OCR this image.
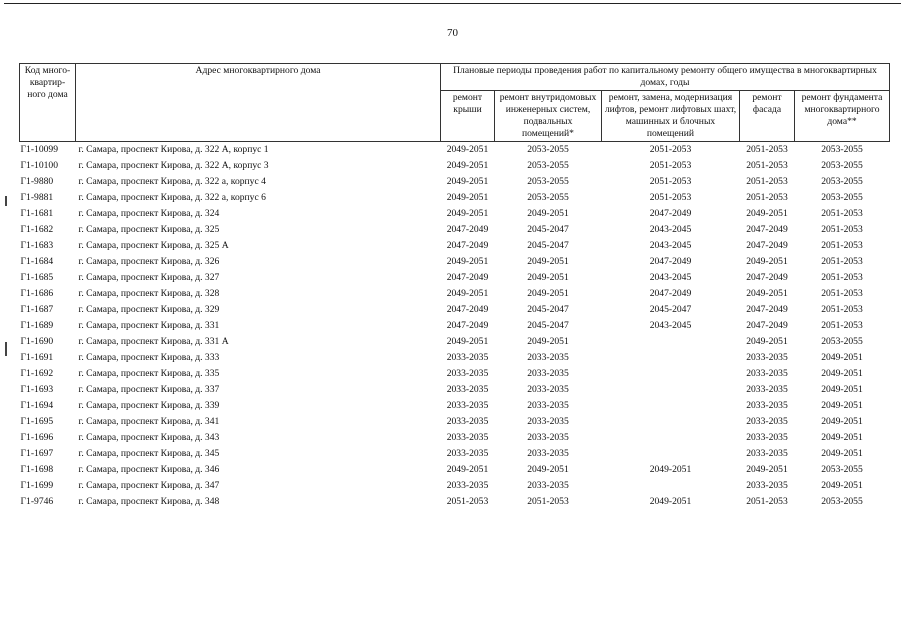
70
Код много-квартир-ного дома	Адрес многоквартирного дома	Плановые периоды проведения работ по капитальному ремонту общего имущества в многоквартирных домах, годы				
		ремонт крыши	ремонт внутридомовых инженерных систем, подвальных помещений*	ремонт, замена, модернизация лифтов, ремонт лифтовых шахт, машинных и блочных помещений	ремонт фасада	ремонт фундамента многоквартирного дома**
Г1-10099	г. Самара, проспект Кирова, д. 322 А, корпус 1	2049-2051	2053-2055	2051-2053	2051-2053	2053-2055
Г1-10100	г. Самара, проспект Кирова, д. 322 А, корпус 3	2049-2051	2053-2055	2051-2053	2051-2053	2053-2055
Г1-9880	г. Самара, проспект Кирова, д. 322 а, корпус 4	2049-2051	2053-2055	2051-2053	2051-2053	2053-2055
Г1-9881	г. Самара, проспект Кирова, д. 322 а, корпус 6	2049-2051	2053-2055	2051-2053	2051-2053	2053-2055
Г1-1681	г. Самара, проспект Кирова, д. 324	2049-2051	2049-2051	2047-2049	2049-2051	2051-2053
Г1-1682	г. Самара, проспект Кирова, д. 325	2047-2049	2045-2047	2043-2045	2047-2049	2051-2053
Г1-1683	г. Самара, проспект Кирова, д. 325 А	2047-2049	2045-2047	2043-2045	2047-2049	2051-2053
Г1-1684	г. Самара, проспект Кирова, д. 326	2049-2051	2049-2051	2047-2049	2049-2051	2051-2053
Г1-1685	г. Самара, проспект Кирова, д. 327	2047-2049	2049-2051	2043-2045	2047-2049	2051-2053
Г1-1686	г. Самара, проспект Кирова, д. 328	2049-2051	2049-2051	2047-2049	2049-2051	2051-2053
Г1-1687	г. Самара, проспект Кирова, д. 329	2047-2049	2045-2047	2045-2047	2047-2049	2051-2053
Г1-1689	г. Самара, проспект Кирова, д. 331	2047-2049	2045-2047	2043-2045	2047-2049	2051-2053
Г1-1690	г. Самара, проспект Кирова, д. 331 А	2049-2051	2049-2051		2049-2051	2053-2055
Г1-1691	г. Самара, проспект Кирова, д. 333	2033-2035	2033-2035		2033-2035	2049-2051
Г1-1692	г. Самара, проспект Кирова, д. 335	2033-2035	2033-2035		2033-2035	2049-2051
Г1-1693	г. Самара, проспект Кирова, д. 337	2033-2035	2033-2035		2033-2035	2049-2051
Г1-1694	г. Самара, проспект Кирова, д. 339	2033-2035	2033-2035		2033-2035	2049-2051
Г1-1695	г. Самара, проспект Кирова, д. 341	2033-2035	2033-2035		2033-2035	2049-2051
Г1-1696	г. Самара, проспект Кирова, д. 343	2033-2035	2033-2035		2033-2035	2049-2051
Г1-1697	г. Самара, проспект Кирова, д. 345	2033-2035	2033-2035		2033-2035	2049-2051
Г1-1698	г. Самара, проспект Кирова, д. 346	2049-2051	2049-2051	2049-2051	2049-2051	2053-2055
Г1-1699	г. Самара, проспект Кирова, д. 347	2033-2035	2033-2035		2033-2035	2049-2051
Г1-9746	г. Самара, проспект Кирова, д. 348	2051-2053	2051-2053	2049-2051	2051-2053	2053-2055
